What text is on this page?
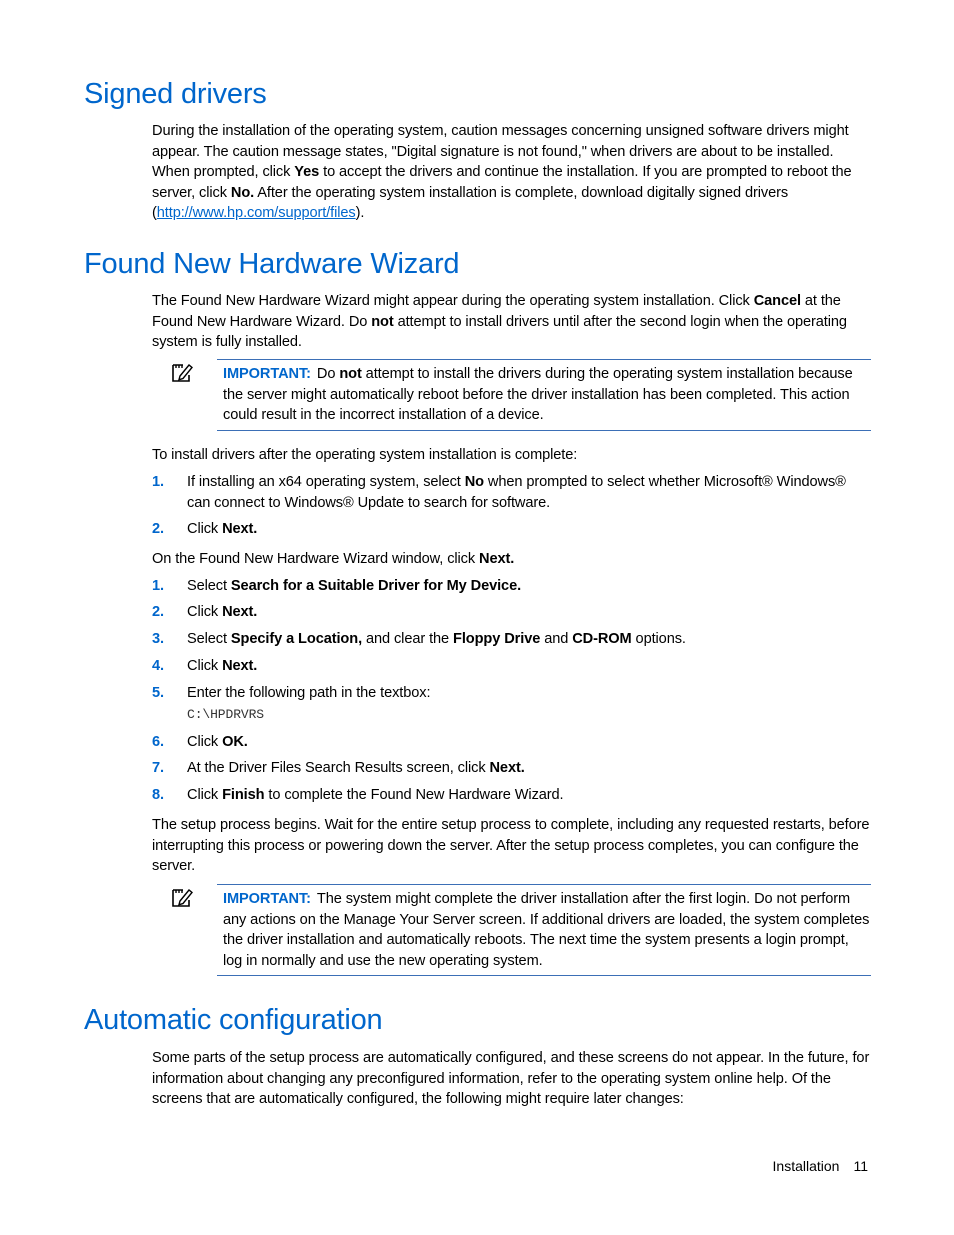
Signed drivers

During the installation of the operating system, caution messages concerning unsigned software drivers might appear. The caution message states, "Digital signature is not found," when drivers are about to be installed. When prompted, click Yes to accept the drivers and continue the installation. If you are prompted to reboot the server, click No. After the operating system installation is complete, download digitally signed drivers (http://www.hp.com/support/files).

Found New Hardware Wizard

The Found New Hardware Wizard might appear during the operating system installation. Click Cancel at the Found New Hardware Wizard. Do not attempt to install drivers until after the second login when the operating system is fully installed.

IMPORTANT: Do not attempt to install the drivers during the operating system installation because the server might automatically reboot before the driver installation has been completed. This action could result in the incorrect installation of a device.

To install drivers after the operating system installation is complete:

1. If installing an x64 operating system, select No when prompted to select whether Microsoft® Windows® can connect to Windows® Update to search for software.
2. Click Next.

On the Found New Hardware Wizard window, click Next.

1. Select Search for a Suitable Driver for My Device.
2. Click Next.
3. Select Specify a Location, and clear the Floppy Drive and CD-ROM options.
4. Click Next.
5. Enter the following path in the textbox:
C:\HPDRVRS
6. Click OK.
7. At the Driver Files Search Results screen, click Next.
8. Click Finish to complete the Found New Hardware Wizard.

The setup process begins. Wait for the entire setup process to complete, including any requested restarts, before interrupting this process or powering down the server. After the setup process completes, you can configure the server.

IMPORTANT: The system might complete the driver installation after the first login. Do not perform any actions on the Manage Your Server screen. If additional drivers are loaded, the system completes the driver installation and automatically reboots. The next time the system presents a login prompt, log in normally and use the new operating system.
Automatic configuration

Some parts of the setup process are automatically configured, and these screens do not appear. In the future, for information about changing any preconfigured information, refer to the operating system online help. Of the screens that are automatically configured, the following might require later changes:

Installation 11
